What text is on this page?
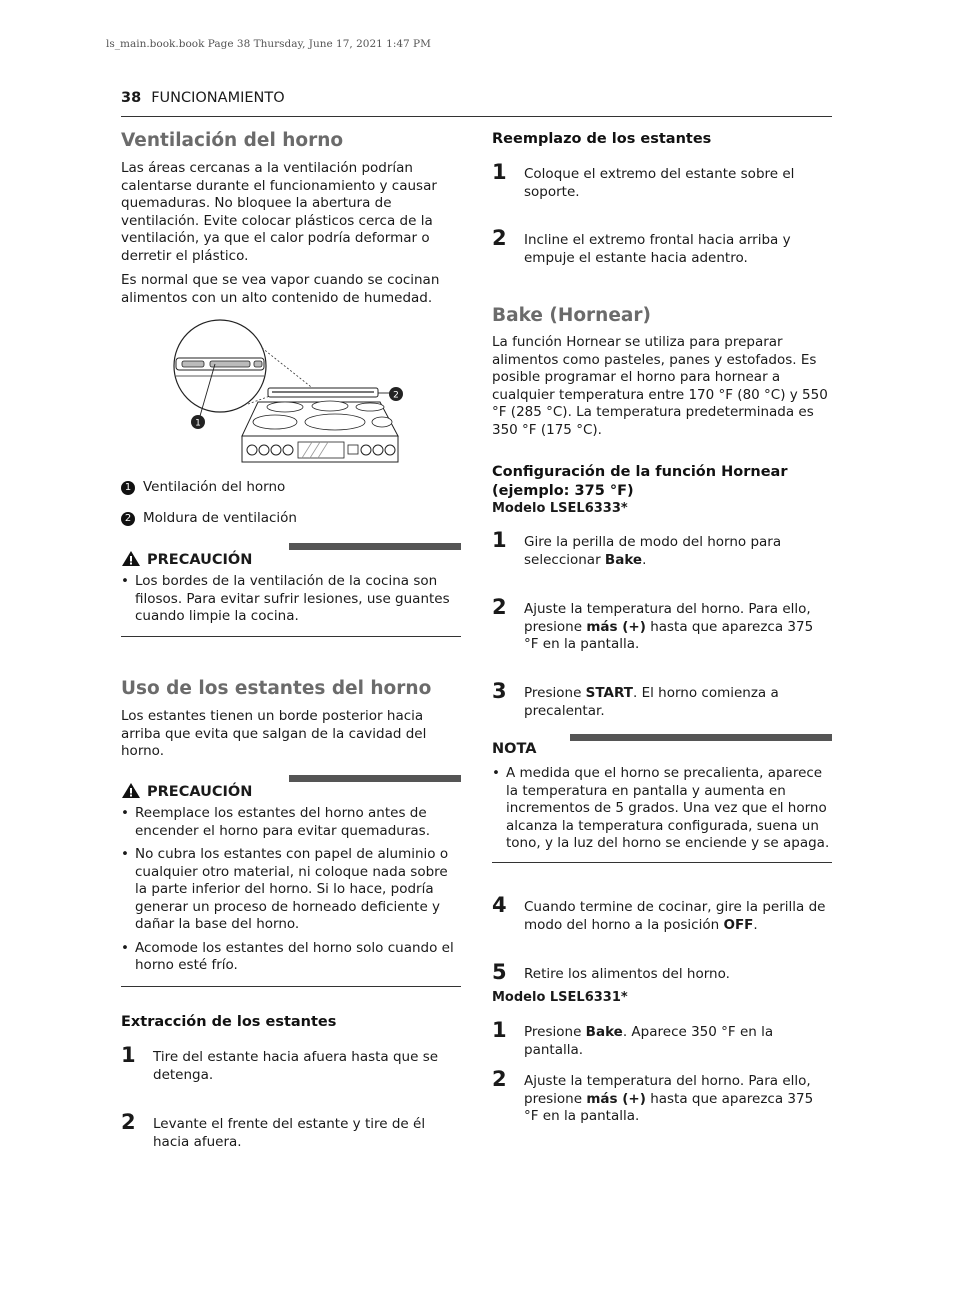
ls_main.book.book Page 38 Thursday, June 17, 2021 1:47 PM
38 FUNCIONAMIENTO
Ventilación del horno

Las áreas cercanas a la ventilación podrían calentarse durante el funcionamiento y causar quemaduras. No bloquee la abertura de ventilación. Evite colocar plásticos cerca de la ventilación, ya que el calor podría deformar o derretir el plástico.

Es normal que se vea vapor cuando se cocinan alimentos con un alto contenido de humedad.

1
2
1 Ventilación del horno
2 Moldura de ventilación
PRECAUCIÓN
• Los bordes de la ventilación de la cocina son filosos. Para evitar sufrir lesiones, use guantes cuando limpie la cocina.
Uso de los estantes del horno

Los estantes tienen un borde posterior hacia arriba que evita que salgan de la cavidad del horno.

PRECAUCIÓN
• Reemplace los estantes del horno antes de encender el horno para evitar quemaduras.
• No cubra los estantes con papel de aluminio o cualquier otro material, ni coloque nada sobre la parte inferior del horno. Si lo hace, podría generar un proceso de horneado deficiente y dañar la base del horno.
• Acomode los estantes del horno solo cuando el horno esté frío.
Extracción de los estantes
1 Tire del estante hacia afuera hasta que se detenga.
2 Levante el frente del estante y tire de él hacia afuera.
Reemplazo de los estantes
1 Coloque el extremo del estante sobre el soporte.
2 Incline el extremo frontal hacia arriba y empuje el estante hacia adentro.
Bake (Hornear)

La función Hornear se utiliza para preparar alimentos como pasteles, panes y estofados. Es posible programar el horno para hornear a cualquier temperatura entre 170 °F (80 °C) y 550 °F (285 °C). La temperatura predeterminada es 350 °F (175 °C).

Configuración de la función Hornear (ejemplo: 375 °F)
Modelo LSEL6333*
1 Gire la perilla de modo del horno para seleccionar Bake.
2 Ajuste la temperatura del horno. Para ello, presione más (+) hasta que aparezca 375 °F en la pantalla.
3 Presione START. El horno comienza a precalentar.
NOTA
• A medida que el horno se precalienta, aparece la temperatura en pantalla y aumenta en incrementos de 5 grados. Una vez que el horno alcanza la temperatura configurada, suena un tono, y la luz del horno se enciende y se apaga.
4 Cuando termine de cocinar, gire la perilla de modo del horno a la posición OFF.
5 Retire los alimentos del horno.
Modelo LSEL6331*
1 Presione Bake. Aparece 350 °F en la pantalla.
2 Ajuste la temperatura del horno. Para ello, presione más (+) hasta que aparezca 375 °F en la pantalla.
